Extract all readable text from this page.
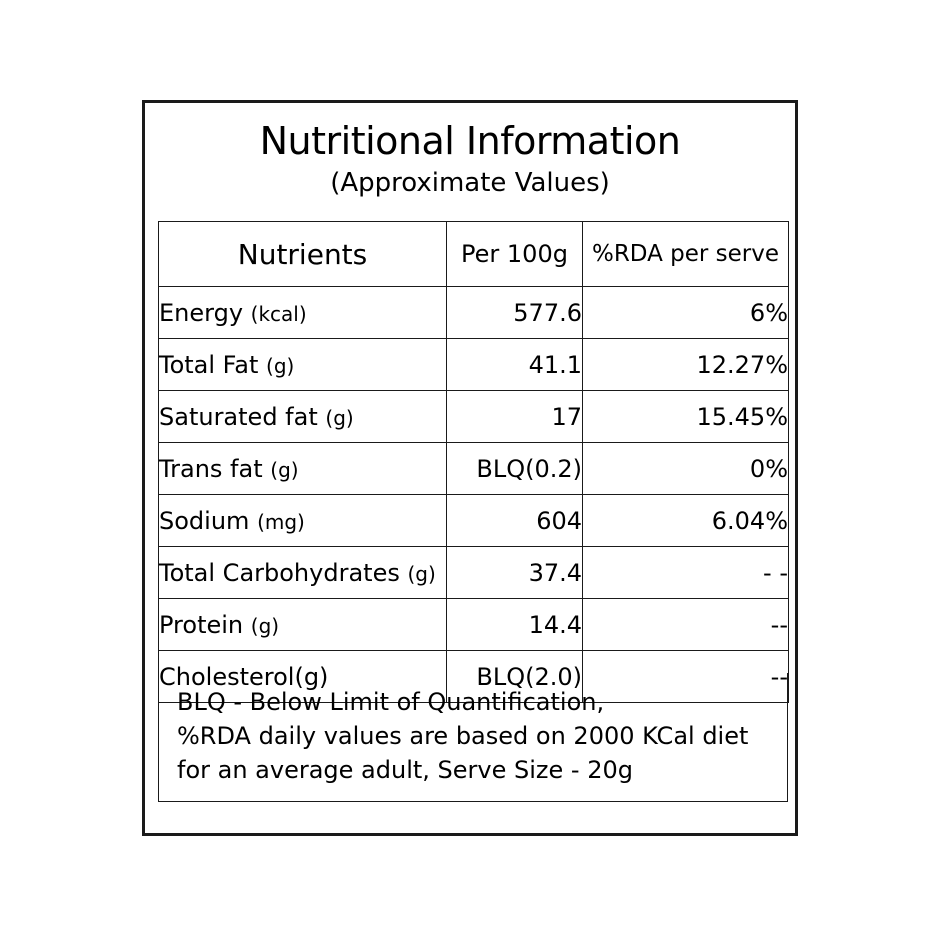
Nutritional Information
(Approximate Values)
Nutrients	Per 100g	%RDA per serve
Energy (kcal)	577.6	6%
Total Fat (g)	41.1	12.27%
Saturated fat (g)	17	15.45%
Trans fat (g)	BLQ(0.2)	0%
Sodium (mg)	604	6.04%
Total Carbohydrates (g)	37.4	- -
Protein (g)	14.4	--
Cholesterol(g)	BLQ(2.0)	--
BLQ - Below Limit of Quantification,
%RDA daily values are based on 2000 KCal diet
for an average adult, Serve Size - 20g
